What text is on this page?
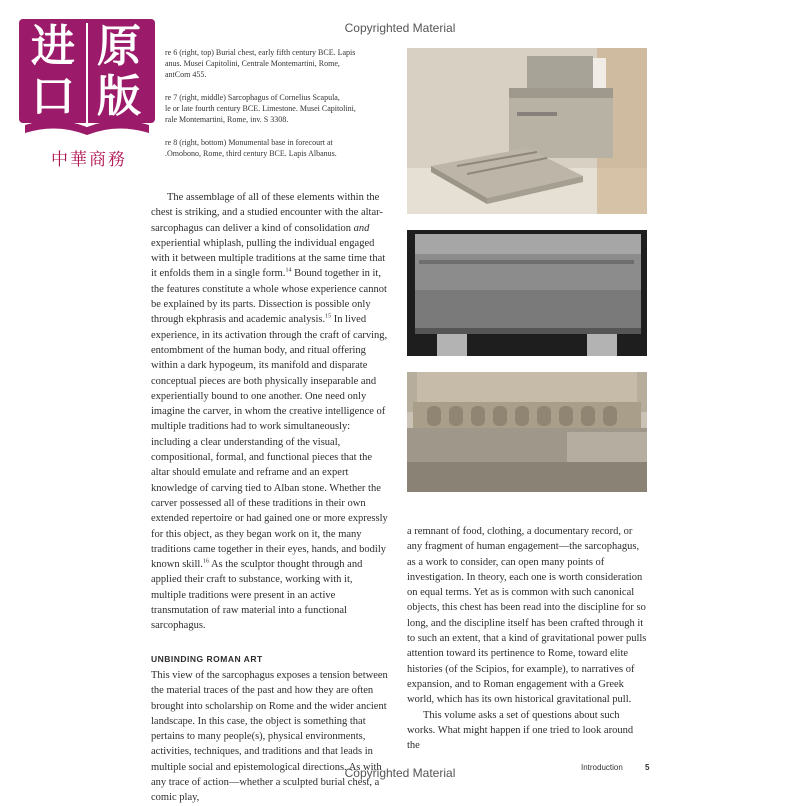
Copyrighted Material
进 原
口 版
中華商務

re 6 (right, top) Burial chest, early fifth century BCE. Lapis

anus. Musei Capitolini, Centrale Montemartini, Rome,

antCom 455.

re 7 (right, middle) Sarcophagus of Cornelius Scapula,

le or late fourth century BCE. Limestone. Musei Capitolini,

rale Montemartini, Rome, inv. S 3308.

re 8 (right, bottom) Monumental base in forecourt at

.Omobono, Rome, third century BCE. Lapis Albanus.

The assemblage of all of these elements within the chest is striking, and a studied encounter with the altar-sarcophagus can deliver a kind of consolidation and experiential whiplash, pulling the individual engaged with it between multiple traditions at the same time that it enfolds them in a single form.$^{14}$ Bound together in it, the features constitute a whole whose experience cannot be explained by its parts. Dissection is possible only through ekphrasis and academic analysis.$^{15}$ In lived experience, in its activation through the craft of carving, entombment of the human body, and ritual offering within a dark hypogeum, its manifold and disparate conceptual pieces are both physically inseparable and experientially bound to one another. One need only imagine the carver, in whom the creative intelligence of multiple traditions had to work simultaneously: including a clear understanding of the visual, compositional, formal, and functional pieces that the altar should emulate and reframe and an expert knowledge of carving tied to Alban stone. Whether the carver possessed all of these traditions in their own extended repertoire or had gained one or more expressly for this object, as they began work on it, the many traditions came together in their eyes, hands, and bodily known skill.$^{16}$ As the sculptor thought through and applied their craft to substance, working with it, multiple traditions were present in an active transmutation of raw material into a functional sarcophagus.

UNBINDING ROMAN ART

This view of the sarcophagus exposes a tension between the material traces of the past and how they are often brought into scholarship on Rome and the wider ancient landscape. In this case, the object is something that pertains to many people(s), physical environments, activities, techniques, and traditions and that leads in multiple social and epistemological directions. As with any trace of action—whether a sculpted burial chest, a comic play,

a remnant of food, clothing, a documentary record, or any fragment of human engagement—the sarcophagus, as a work to consider, can open many points of investigation. In theory, each one is worth consideration on equal terms. Yet as is common with such canonical objects, this chest has been read into the discipline for so long, and the discipline itself has been crafted through it to such an extent, that a kind of gravitational power pulls attention toward its pertinence to Rome, toward elite histories (of the Scipios, for example), to narratives of expansion, and to Roman engagement with a Greek world, which has its own historical gravitational pull.

This volume asks a set of questions about such works. What might happen if one tried to look around the

Introduction	5
Copyrighted Material
